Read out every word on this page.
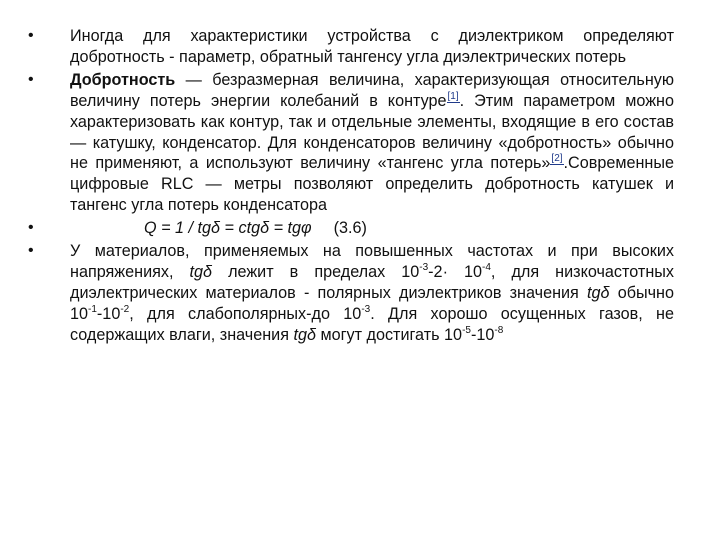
•	Иногда для характеристики устройства с диэлектриком определяют добротность - параметр, обратный тангенсу угла диэлектрических потерь
•	Добротность — безразмерная величина, характеризующая относительную величину потерь энергии колебаний в контуре[1]. Этим параметром можно характеризовать как контур, так и отдельные элементы, входящие в его состав — катушку, конденсатор. Для конденсаторов величину «добротность» обычно не применяют, а используют величину «тангенс угла потерь»[2].Современные цифровые RLC — метры позволяют определить добротность катушек и тангенс угла потерь конденсатора
•	Q = 1 / tgδ = ctgδ = tgφ (3.6)
•	У материалов, применяемых на повышенных частотах и при высоких напряжениях, tgδ лежит в пределах $10^{-3}-2\cdot 10^{-4}$, для низкочастотных диэлектрических материалов - полярных диэлектриков значения tgδ обычно $10^{-1}-10^{-2}$, для слабополярных-до $10^{-3}$. Для хорошо осущенных газов, не содержащих влаги, значения tgδ могут достигать $10^{-5}-10^{-8}$
